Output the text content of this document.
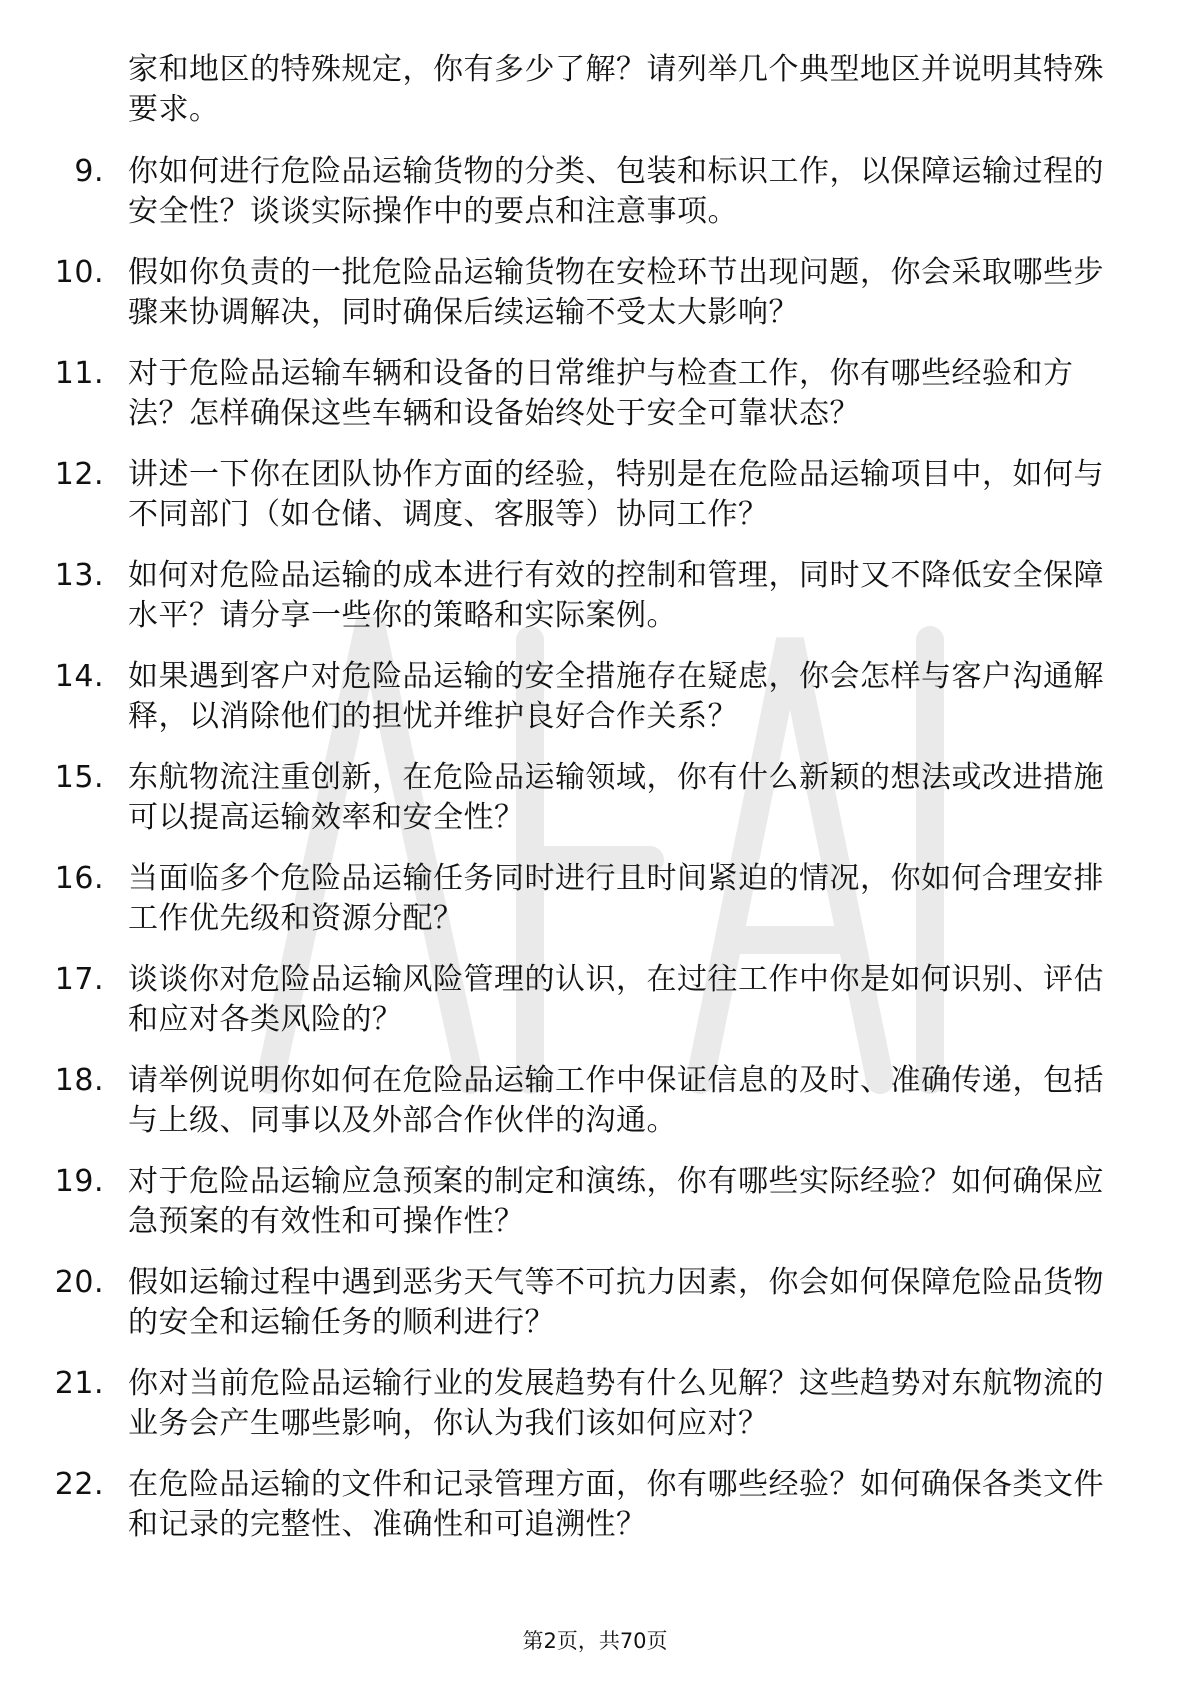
家和地区的特殊规定，你有多少了解？请列举几个典型地区并说明其特殊要求。
9. 你如何进行危险品运输货物的分类、包装和标识工作，以保障运输过程的安全性？谈谈实际操作中的要点和注意事项。
10. 假如你负责的一批危险品运输货物在安检环节出现问题，你会采取哪些步骤来协调解决，同时确保后续运输不受太大影响？
11. 对于危险品运输车辆和设备的日常维护与检查工作，你有哪些经验和方法？怎样确保这些车辆和设备始终处于安全可靠状态？
12. 讲述一下你在团队协作方面的经验，特别是在危险品运输项目中，如何与不同部门（如仓储、调度、客服等）协同工作？
13. 如何对危险品运输的成本进行有效的控制和管理，同时又不降低安全保障水平？请分享一些你的策略和实际案例。
14. 如果遇到客户对危险品运输的安全措施存在疑虑，你会怎样与客户沟通解释，以消除他们的担忧并维护良好合作关系？
15. 东航物流注重创新，在危险品运输领域，你有什么新颖的想法或改进措施可以提高运输效率和安全性？
16. 当面临多个危险品运输任务同时进行且时间紧迫的情况，你如何合理安排工作优先级和资源分配？
17. 谈谈你对危险品运输风险管理的认识，在过往工作中你是如何识别、评估和应对各类风险的？
18. 请举例说明你如何在危险品运输工作中保证信息的及时、准确传递，包括与上级、同事以及外部合作伙伴的沟通。
19. 对于危险品运输应急预案的制定和演练，你有哪些实际经验？如何确保应急预案的有效性和可操作性？
20. 假如运输过程中遇到恶劣天气等不可抗力因素，你会如何保障危险品货物的安全和运输任务的顺利进行？
21. 你对当前危险品运输行业的发展趋势有什么见解？这些趋势对东航物流的业务会产生哪些影响，你认为我们该如何应对？
22. 在危险品运输的文件和记录管理方面，你有哪些经验？如何确保各类文件和记录的完整性、准确性和可追溯性？
第2页，共70页
